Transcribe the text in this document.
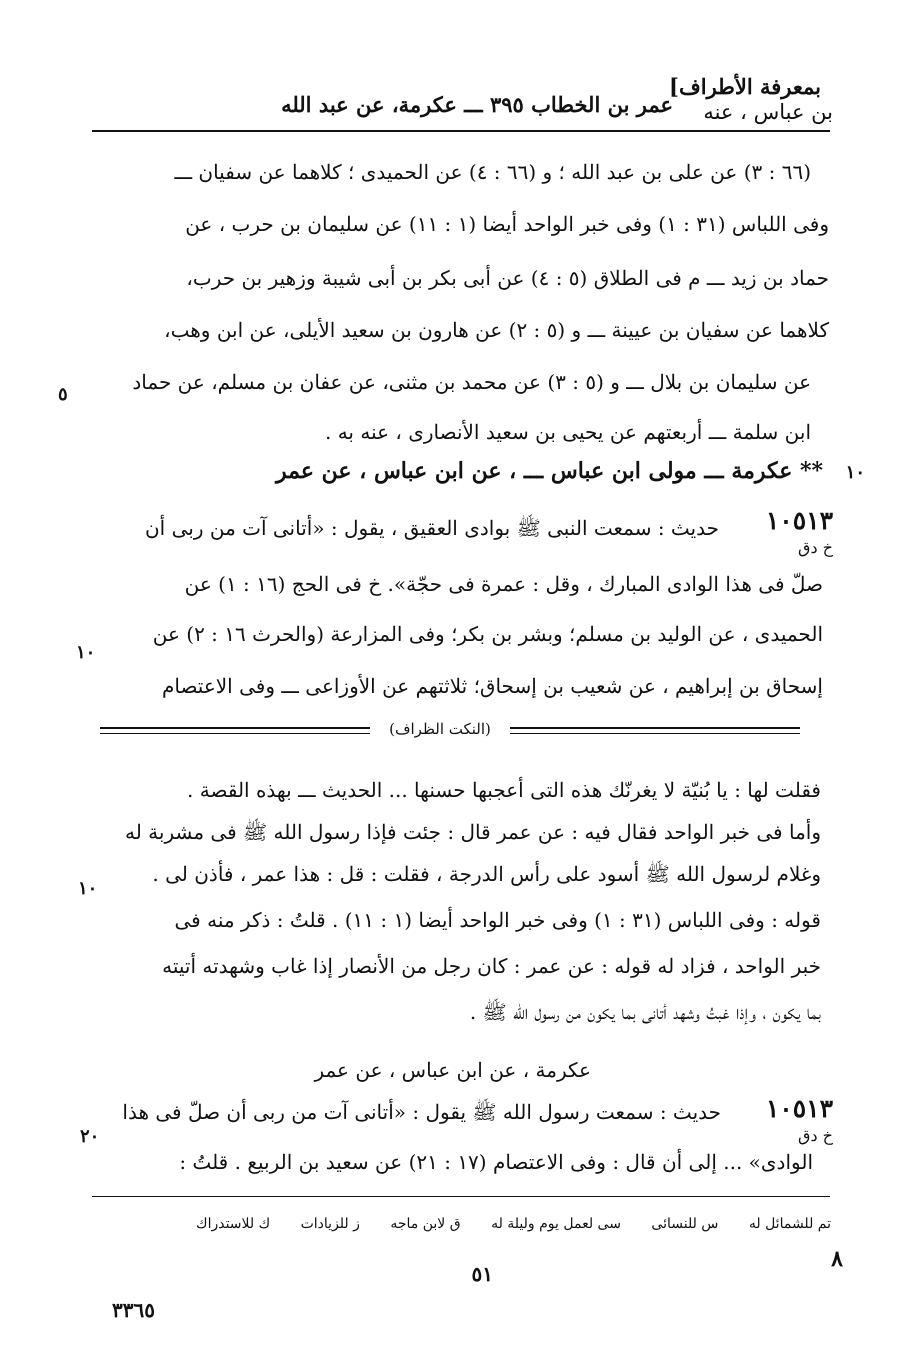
بمعرفة الأطراف]
بن عباس ، عنه
عمر بن الخطاب ٣٩٥ ـــ عكرمة، عن عبد الله
(٦٦ : ٣) عن على بن عبد الله ؛ و (٦٦ : ٤) عن الحميدى ؛ كلاهما عن سفيان ـــ
وفى اللباس (٣١ : ١) وفى خبر الواحد أيضا (١ : ١١) عن سليمان بن حرب ، عن
حماد بن زيد ـــ م فى الطلاق (٥ : ٤) عن أبى بكر بن أبى شيبة وزهير بن حرب،
كلاهما عن سفيان بن عيينة ـــ و (٥ : ٢) عن هارون بن سعيد الأيلى، عن ابن وهب،
عن سليمان بن بلال ـــ و (٥ : ٣) عن محمد بن مثنى، عن عفان بن مسلم، عن حماد
ابن سلمة ـــ أربعتهم عن يحيى بن سعيد الأنصارى ، عنه به .
٥
١٠
** عكرمة ـــ مولى ابن عباس ـــ ، عن ابن عباس ، عن عمر
١٠٥١٣
خ دق
حديث : سمعت النبى ﷺ بوادى العقيق ، يقول : «أتانى آت من ربى أن
صلّ فى هذا الوادى المبارك ، وقل : عمرة فى حجّة». خ فى الحج (١٦ : ١) عن
الحميدى ، عن الوليد بن مسلم؛ وبشر بن بكر؛ وفى المزارعة (والحرث ١٦ : ٢) عن
إسحاق بن إبراهيم ، عن شعيب بن إسحاق؛ ثلاثتهم عن الأوزاعى ـــ وفى الاعتصام
١٠
(النكت الظراف)
فقلت لها : يا بُنيّة لا يغرنّك هذه التى أعجبها حسنها ... الحديث ـــ بهذه القصة .
وأما فى خبر الواحد فقال فيه : عن عمر قال : جئت فإذا رسول الله ﷺ فى مشربة له
وغلام لرسول الله ﷺ أسود على رأس الدرجة ، فقلت : قل : هذا عمر ، فأذن لى .
١٠
قوله : وفى اللباس (٣١ : ١) وفى خبر الواحد أيضا (١ : ١١) . قلتُ : ذكر منه فى
خبر الواحد ، فزاد له قوله : عن عمر : كان رجل من الأنصار إذا غاب وشهدته أتيته
بما يكون ، وإذا غبتُ وشهد أتانى بما يكون من رسول الله ﷺ .
عكرمة ، عن ابن عباس ، عن عمر
١٠٥١٣
خ دق
حديث : سمعت رسول الله ﷺ يقول : «أتانى آت من ربى أن صلّ فى هذا
الوادى» ... إلى أن قال : وفى الاعتصام (١٧ : ٢١) عن سعيد بن الربيع . قلتُ :
٢٠
تم للشمائل له س للنسائى سى لعمل يوم وليلة له ق لابن ماجه ز للزيادات ك للاستدراك
٨
٥١
٣٣٦٥
